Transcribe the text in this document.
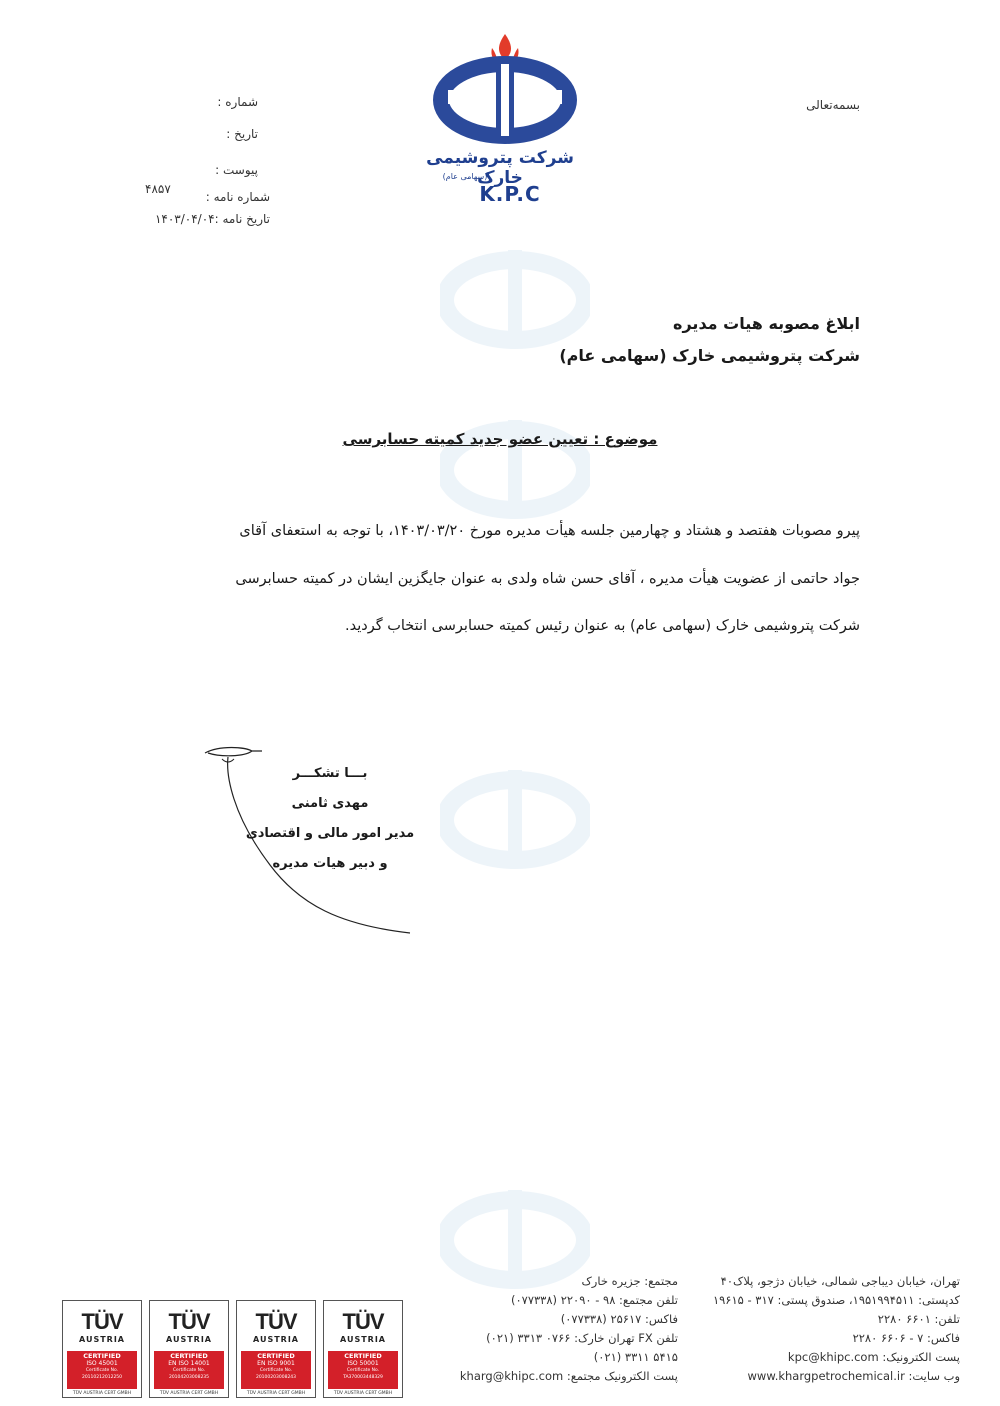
بسمه‌تعالی
شماره :
تاریخ :
پیوست :
۴۸۵۷
شماره نامه :
تاریخ نامه :۱۴۰۳/۰۴/۰۴
شرکت پتروشیمی خارک
(سهامی عام)
K.P.C
ابلاغ مصوبه هیات مدیره
شرکت پتروشیمی خارک (سهامی عام)
موضوع : تعیین عضو جدید کمیته حسابرسی
پیرو مصوبات هفتصد و هشتاد و چهارمین جلسه هیأت مدیره مورخ ۱۴۰۳/۰۳/۲۰، با توجه به استعفای آقای
جواد حاتمی از عضویت هیأت مدیره ، آقای حسن شاه ولدی به عنوان جایگزین ایشان در کمیته حسابرسی
شرکت پتروشیمی خارک (سهامی عام) به عنوان رئیس کمیته حسابرسی انتخاب گردید.
بـــا تشکـــر
مهدی ثامنی
مدیر امور مالی و اقتصادی
و دبیر هیات مدیره
تهران، خیابان دیباجی شمالی، خیابان دژجو، پلاک۴۰
کدپستی: ۱۹۵۱۹۹۴۵۱۱، صندوق پستی: ۳۱۷ - ۱۹۶۱۵
تلفن: ۶۶۰۱ ۲۲۸۰
فاکس: ۷ - ۶۶۰۶ ۲۲۸۰
پست الکترونیک: kpc@khipc.com
وب سایت: www.khargpetrochemical.ir
مجتمع: جزیره خارک
تلفن مجتمع: ۹۸ - ۲۲۰۹۰ (۰۷۷۳۳۸)
فاکس: ۲۵۶۱۷ (۰۷۷۳۳۸)
تلفن FX تهران خارک: ۰۷۶۶ ۳۳۱۳ (۰۲۱)
۵۴۱۵ ۳۳۱۱ (۰۲۱)
پست الکترونیک مجتمع: kharg@khipc.com
TÜV
AUSTRIA
CERTIFIED
ISO 45001
Certificate No. 20110212012250
TÜV AUSTRIA CERT GMBH
TÜV
AUSTRIA
CERTIFIED
EN ISO 14001
Certificate No. 20104203008235
TÜV AUSTRIA CERT GMBH
TÜV
AUSTRIA
CERTIFIED
EN ISO 9001
Certificate No. 20100203008243
TÜV AUSTRIA CERT GMBH
TÜV
AUSTRIA
CERTIFIED
ISO 50001
Certificate No. TA370003448329
TÜV AUSTRIA CERT GMBH
